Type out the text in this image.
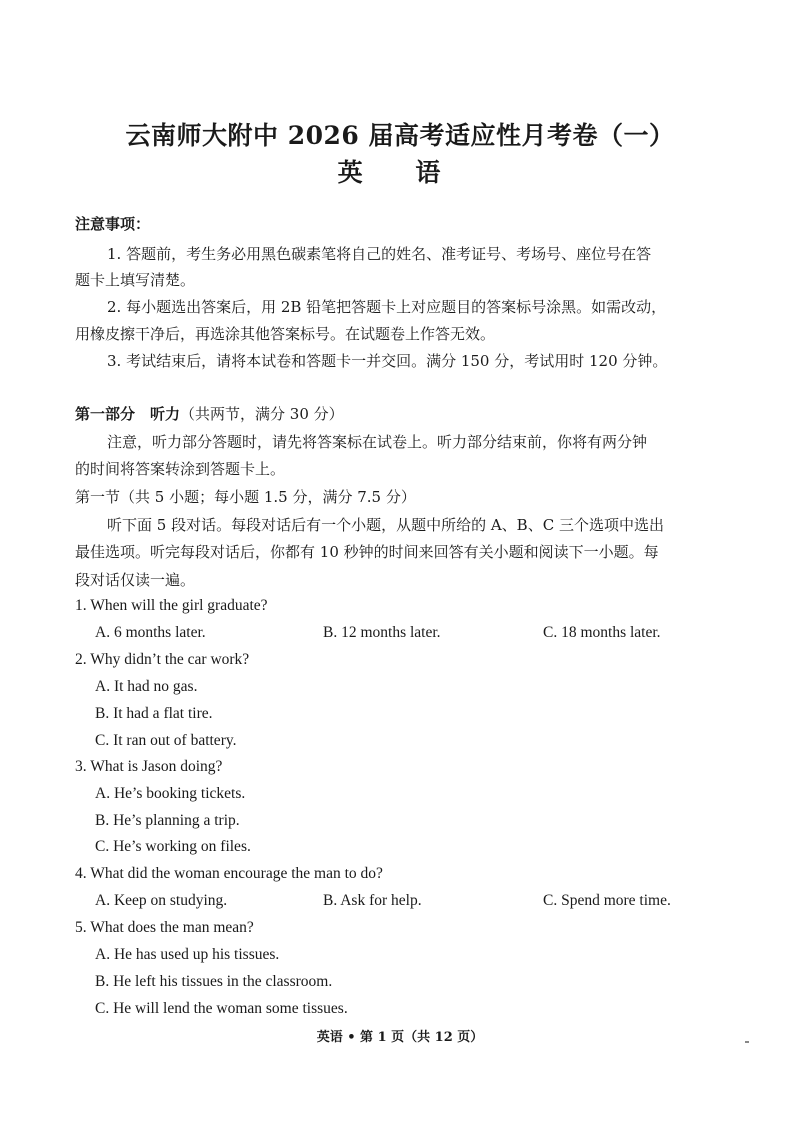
云南师大附中 2026 届高考适应性月考卷（一）
英 语
注意事项：
1. 答题前，考生务必用黑色碳素笔将自己的姓名、准考证号、考场号、座位号在答
题卡上填写清楚。
2. 每小题选出答案后，用 2B 铅笔把答题卡上对应题目的答案标号涂黑。如需改动，
用橡皮擦干净后，再选涂其他答案标号。在试题卷上作答无效。
3. 考试结束后，请将本试卷和答题卡一并交回。满分 150 分，考试用时 120 分钟。
第一部分　听力（共两节，满分 30 分）
注意，听力部分答题时，请先将答案标在试卷上。听力部分结束前，你将有两分钟
的时间将答案转涂到答题卡上。
第一节（共 5 小题；每小题 1.5 分，满分 7.5 分）
听下面 5 段对话。每段对话后有一个小题，从题中所给的 A、B、C 三个选项中选出
最佳选项。听完每段对话后，你都有 10 秒钟的时间来回答有关小题和阅读下一小题。每
段对话仅读一遍。
1. When will the girl graduate?
A. 6 months later.	B. 12 months later.	C. 18 months later.
2. Why didn’t the car work?
A. It had no gas.
B. It had a flat tire.
C. It ran out of battery.
3. What is Jason doing?
A. He’s booking tickets.
B. He’s planning a trip.
C. He’s working on files.
4. What did the woman encourage the man to do?
A. Keep on studying.	B. Ask for help.	C. Spend more time.
5. What does the man mean?
A. He has used up his tissues.
B. He left his tissues in the classroom.
C. He will lend the woman some tissues.
英语 • 第 1 页（共 12 页）
